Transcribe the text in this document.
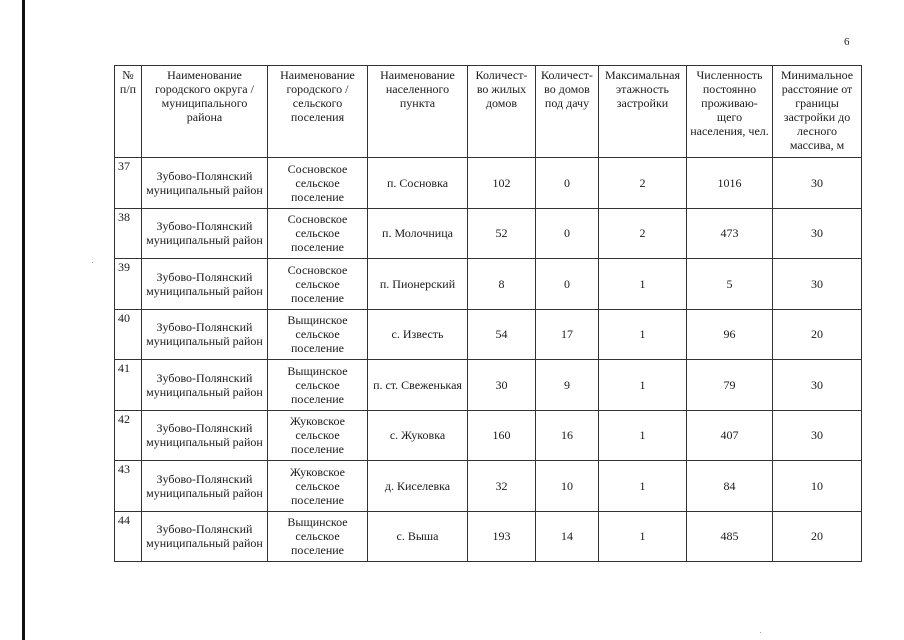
6
№ п/п	Наименование городского округа / муниципального района	Наименование городского / сельского поселения	Наименование населенного пункта	Количест-во жилых домов	Количест-во домов под дачу	Максимальная этажность застройки	Численность постоянно проживаю-щего населения, чел.	Минимальное расстояние от границы застройки до лесного массива, м
37	Зубово-Полянский муниципальный район	Сосновское сельское поселение	п. Сосновка	102	0	2	1016	30
38	Зубово-Полянский муниципальный район	Сосновское сельское поселение	п. Молочница	52	0	2	473	30
39	Зубово-Полянский муниципальный район	Сосновское сельское поселение	п. Пионерский	8	0	1	5	30
40	Зубово-Полянский муниципальный район	Выщинское сельское поселение	с. Известь	54	17	1	96	20
41	Зубово-Полянский муниципальный район	Выщинское сельское поселение	п. ст. Свеженькая	30	9	1	79	30
42	Зубово-Полянский муниципальный район	Жуковское сельское поселение	с. Жуковка	160	16	1	407	30
43	Зубово-Полянский муниципальный район	Жуковское сельское поселение	д. Киселевка	32	10	1	84	10
44	Зубово-Полянский муниципальный район	Выщинское сельское поселение	с. Выша	193	14	1	485	20
